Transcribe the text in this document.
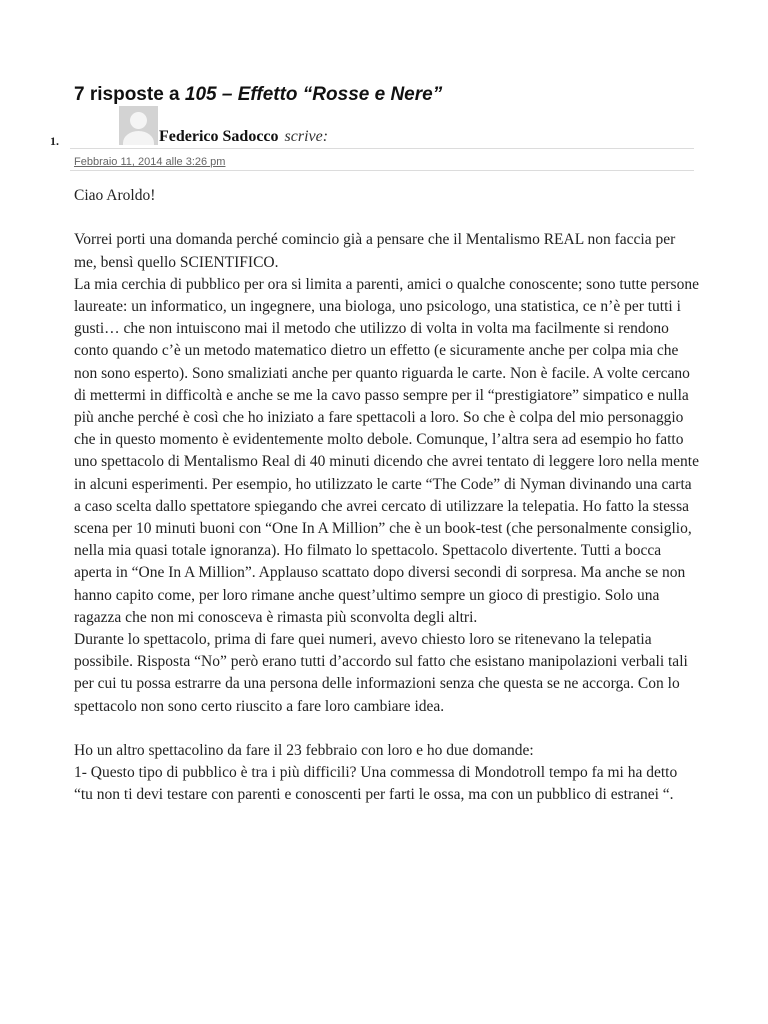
7 risposte a 105 – Effetto “Rosse e Nere”
1.	Federico Sadocco scrive:
Febbraio 11, 2014 alle 3:26 pm

Ciao Aroldo!

Vorrei porti una domanda perché comincio già a pensare che il Mentalismo REAL non faccia per me, bensì quello SCIENTIFICO.

La mia cerchia di pubblico per ora si limita a parenti, amici o qualche conoscente; sono tutte persone laureate: un informatico, un ingegnere, una biologa, uno psicologo, una statistica, ce n’è per tutti i gusti… che non intuiscono mai il metodo che utilizzo di volta in volta ma facilmente si rendono conto quando c’è un metodo matematico dietro un effetto (e sicuramente anche per colpa mia che non sono esperto). Sono smaliziati anche per quanto riguarda le carte. Non è facile. A volte cercano di mettermi in difficoltà e anche se me la cavo passo sempre per il “prestigiatore” simpatico e nulla più anche perché è così che ho iniziato a fare spettacoli a loro. So che è colpa del mio personaggio che in questo momento è evidentemente molto debole. Comunque, l’altra sera ad esempio ho fatto uno spettacolo di Mentalismo Real di 40 minuti dicendo che avrei tentato di leggere loro nella mente in alcuni esperimenti. Per esempio, ho utilizzato le carte “The Code” di Nyman divinando una carta a caso scelta dallo spettatore spiegando che avrei cercato di utilizzare la telepatia. Ho fatto la stessa scena per 10 minuti buoni con “One In A Million” che è un book-test (che personalmente consiglio, nella mia quasi totale ignoranza). Ho filmato lo spettacolo. Spettacolo divertente. Tutti a bocca aperta in “One In A Million”. Applauso scattato dopo diversi secondi di sorpresa. Ma anche se non hanno capito come, per loro rimane anche quest’ultimo sempre un gioco di prestigio. Solo una ragazza che non mi conosceva è rimasta più sconvolta degli altri.

Durante lo spettacolo, prima di fare quei numeri, avevo chiesto loro se ritenevano la telepatia possibile. Risposta “No” però erano tutti d’accordo sul fatto che esistano manipolazioni verbali tali per cui tu possa estrarre da una persona delle informazioni senza che questa se ne accorga. Con lo spettacolo non sono certo riuscito a fare loro cambiare idea.

Ho un altro spettacolino da fare il 23 febbraio con loro e ho due domande:

1- Questo tipo di pubblico è tra i più difficili? Una commessa di Mondotroll tempo fa mi ha detto

“tu non ti devi testare con parenti e conoscenti per farti le ossa, ma con un pubblico di estranei “.
